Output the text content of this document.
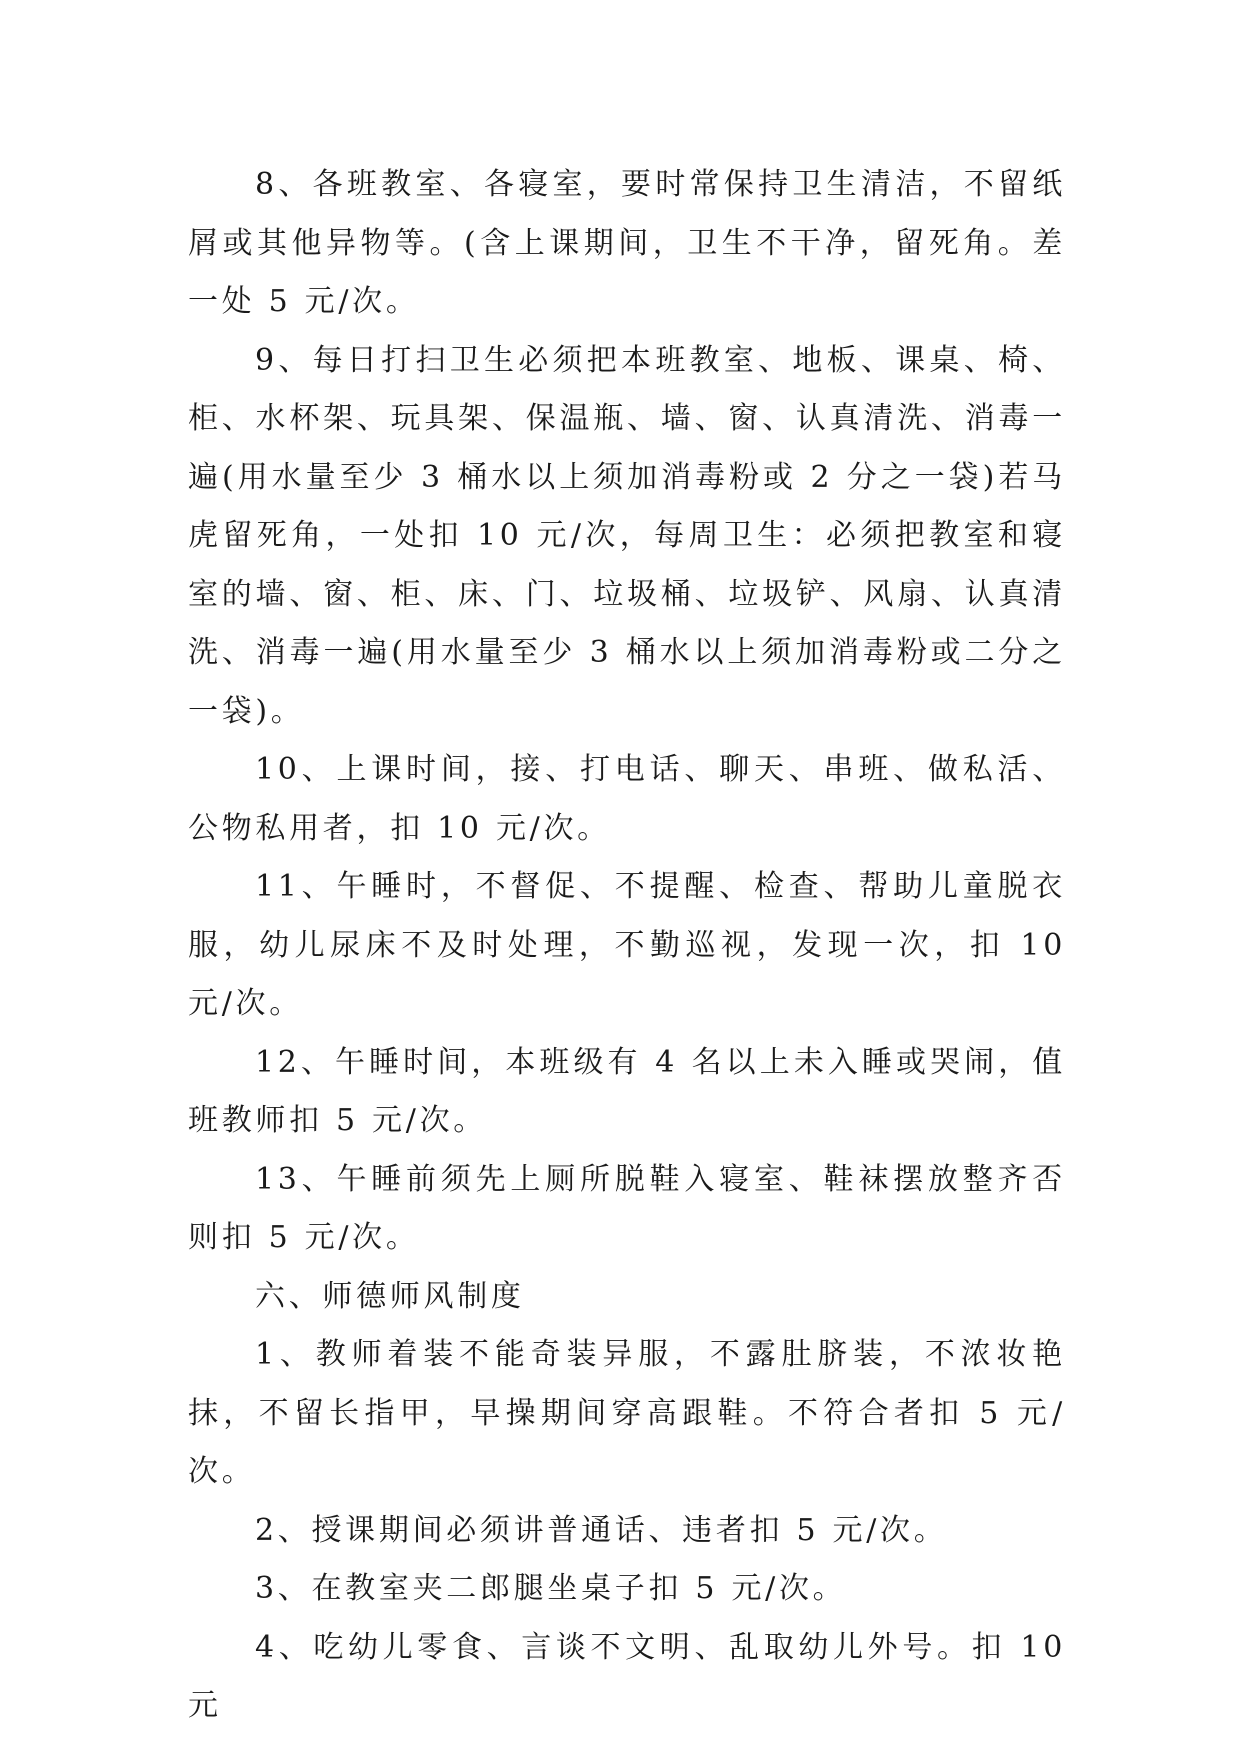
8、各班教室、各寝室，要时常保持卫生清洁，不留纸屑或其他异物等。(含上课期间，卫生不干净，留死角。差一处 5 元/次。

9、每日打扫卫生必须把本班教室、地板、课桌、椅、柜、水杯架、玩具架、保温瓶、墙、窗、认真清洗、消毒一遍(用水量至少 3 桶水以上须加消毒粉或 2 分之一袋)若马虎留死角，一处扣 10 元/次，每周卫生：必须把教室和寝室的墙、窗、柜、床、门、垃圾桶、垃圾铲、风扇、认真清洗、消毒一遍(用水量至少 3 桶水以上须加消毒粉或二分之一袋)。

10、上课时间，接、打电话、聊天、串班、做私活、公物私用者，扣 10 元/次。

11、午睡时，不督促、不提醒、检查、帮助儿童脱衣服，幼儿尿床不及时处理，不勤巡视，发现一次，扣 10 元/次。

12、午睡时间，本班级有 4 名以上未入睡或哭闹，值班教师扣 5 元/次。

13、午睡前须先上厕所脱鞋入寝室、鞋袜摆放整齐否则扣 5 元/次。

六、师德师风制度

1、教师着装不能奇装异服，不露肚脐装，不浓妆艳抹，不留长指甲，早操期间穿高跟鞋。不符合者扣 5 元/次。

2、授课期间必须讲普通话、违者扣 5 元/次。

3、在教室夹二郎腿坐桌子扣 5 元/次。

4、吃幼儿零食、言谈不文明、乱取幼儿外号。扣 10 元
